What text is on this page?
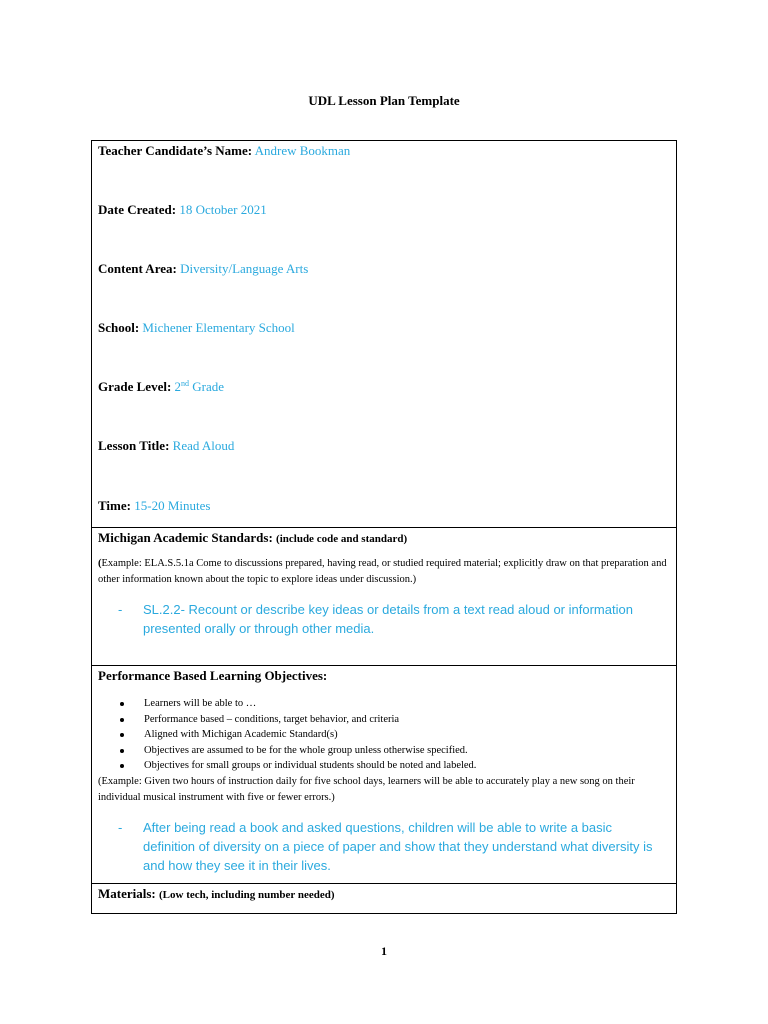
UDL Lesson Plan Template
Teacher Candidate’s Name: Andrew Bookman
Date Created: 18 October 2021
Content Area: Diversity/Language Arts
School: Michener Elementary School
Grade Level: 2nd Grade
Lesson Title: Read Aloud
Time: 15-20 Minutes
Michigan Academic Standards: (include code and standard)
(Example: ELA.S.5.1a Come to discussions prepared, having read, or studied required material; explicitly draw on that preparation and other information known about the topic to explore ideas under discussion.)
- SL.2.2- Recount or describe key ideas or details from a text read aloud or information presented orally or through other media.
Performance Based Learning Objectives:
Learners will be able to …
Performance based – conditions, target behavior, and criteria
Aligned with Michigan Academic Standard(s)
Objectives are assumed to be for the whole group unless otherwise specified.
Objectives for small groups or individual students should be noted and labeled.
(Example: Given two hours of instruction daily for five school days, learners will be able to accurately play a new song on their individual musical instrument with five or fewer errors.)
- After being read a book and asked questions, children will be able to write a basic definition of diversity on a piece of paper and show that they understand what diversity is and how they see it in their lives.
Materials: (Low tech, including number needed)
1
